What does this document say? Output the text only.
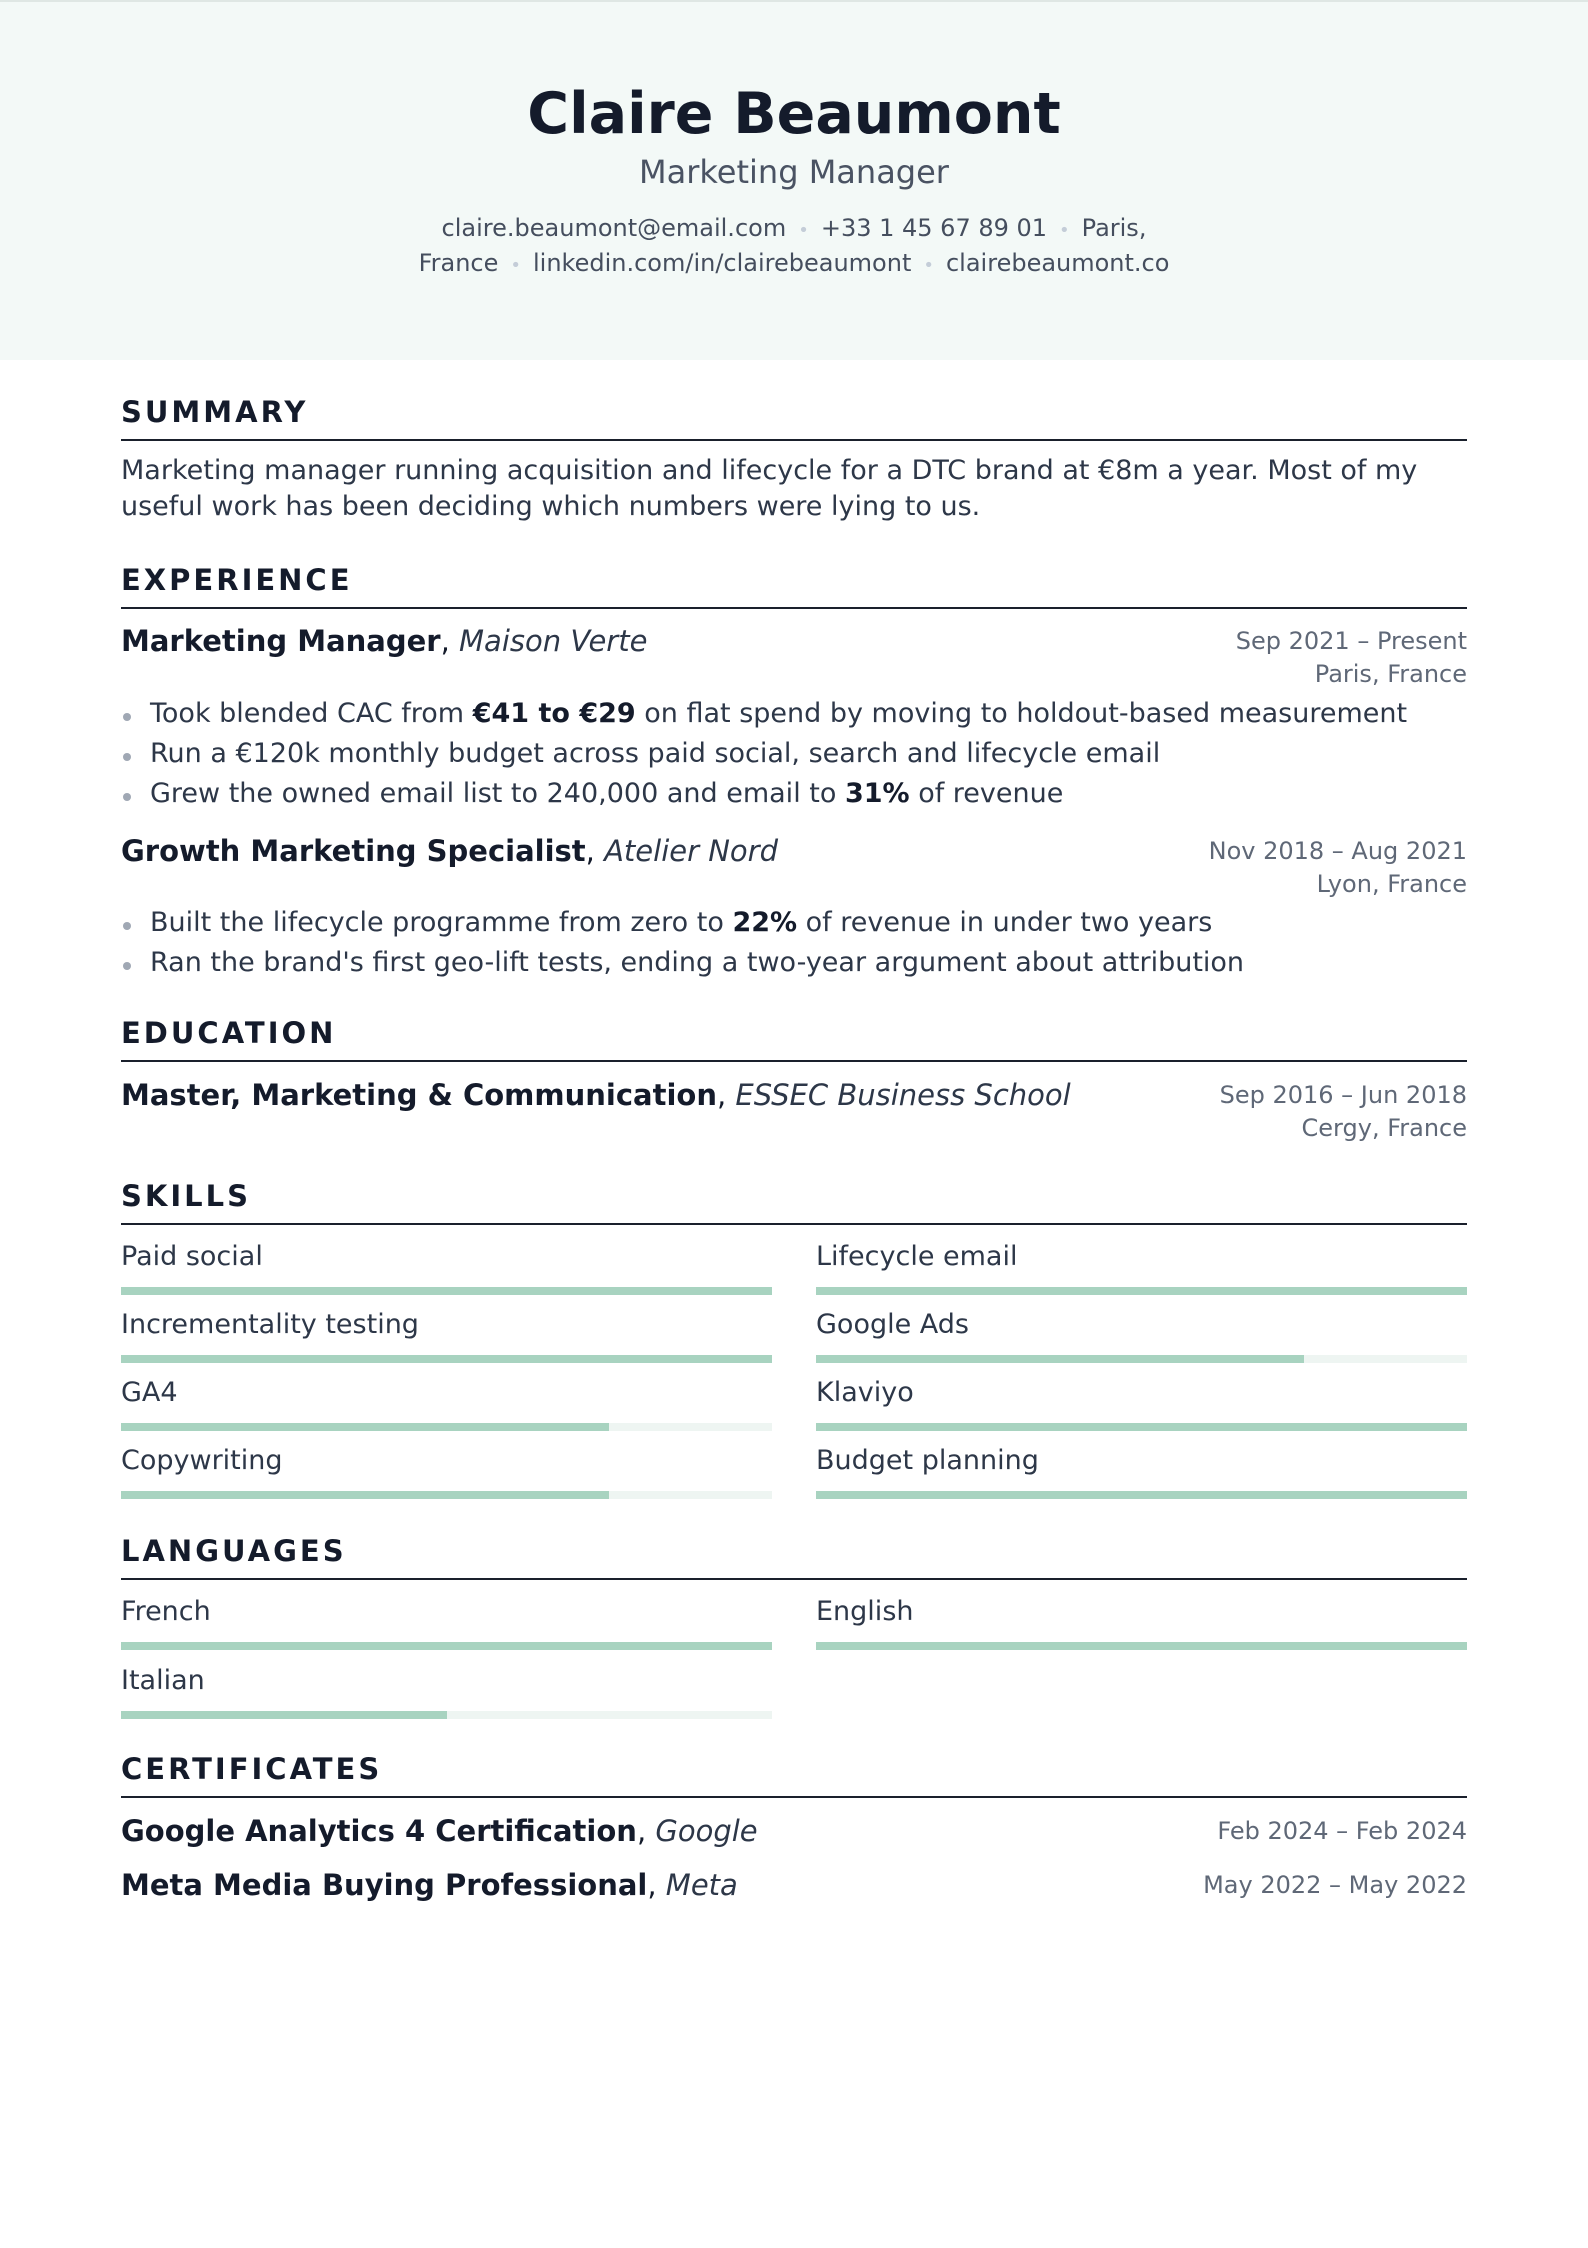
Claire Beaumont
Marketing Manager
claire.beaumont@email.com • +33 1 45 67 89 01 • Paris, France • linkedin.com/in/clairebeaumont • clairebeaumont.co
SUMMARY
Marketing manager running acquisition and lifecycle for a DTC brand at €8m a year. Most of my useful work has been deciding which numbers were lying to us.
EXPERIENCE
Marketing Manager, Maison Verte	Sep 2021 – Present
Paris, France
Took blended CAC from €41 to €29 on flat spend by moving to holdout-based measurement
Run a €120k monthly budget across paid social, search and lifecycle email
Grew the owned email list to 240,000 and email to 31% of revenue
Growth Marketing Specialist, Atelier Nord	Nov 2018 – Aug 2021
Lyon, France
Built the lifecycle programme from zero to 22% of revenue in under two years
Ran the brand's first geo-lift tests, ending a two-year argument about attribution
EDUCATION
Master, Marketing & Communication, ESSEC Business School	Sep 2016 – Jun 2018
Cergy, France
SKILLS
Paid social	Lifecycle email
Incrementality testing	Google Ads
GA4	Klaviyo
Copywriting	Budget planning
LANGUAGES
French	English
Italian
CERTIFICATES
Google Analytics 4 Certification, Google	Feb 2024 – Feb 2024
Meta Media Buying Professional, Meta	May 2022 – May 2022
